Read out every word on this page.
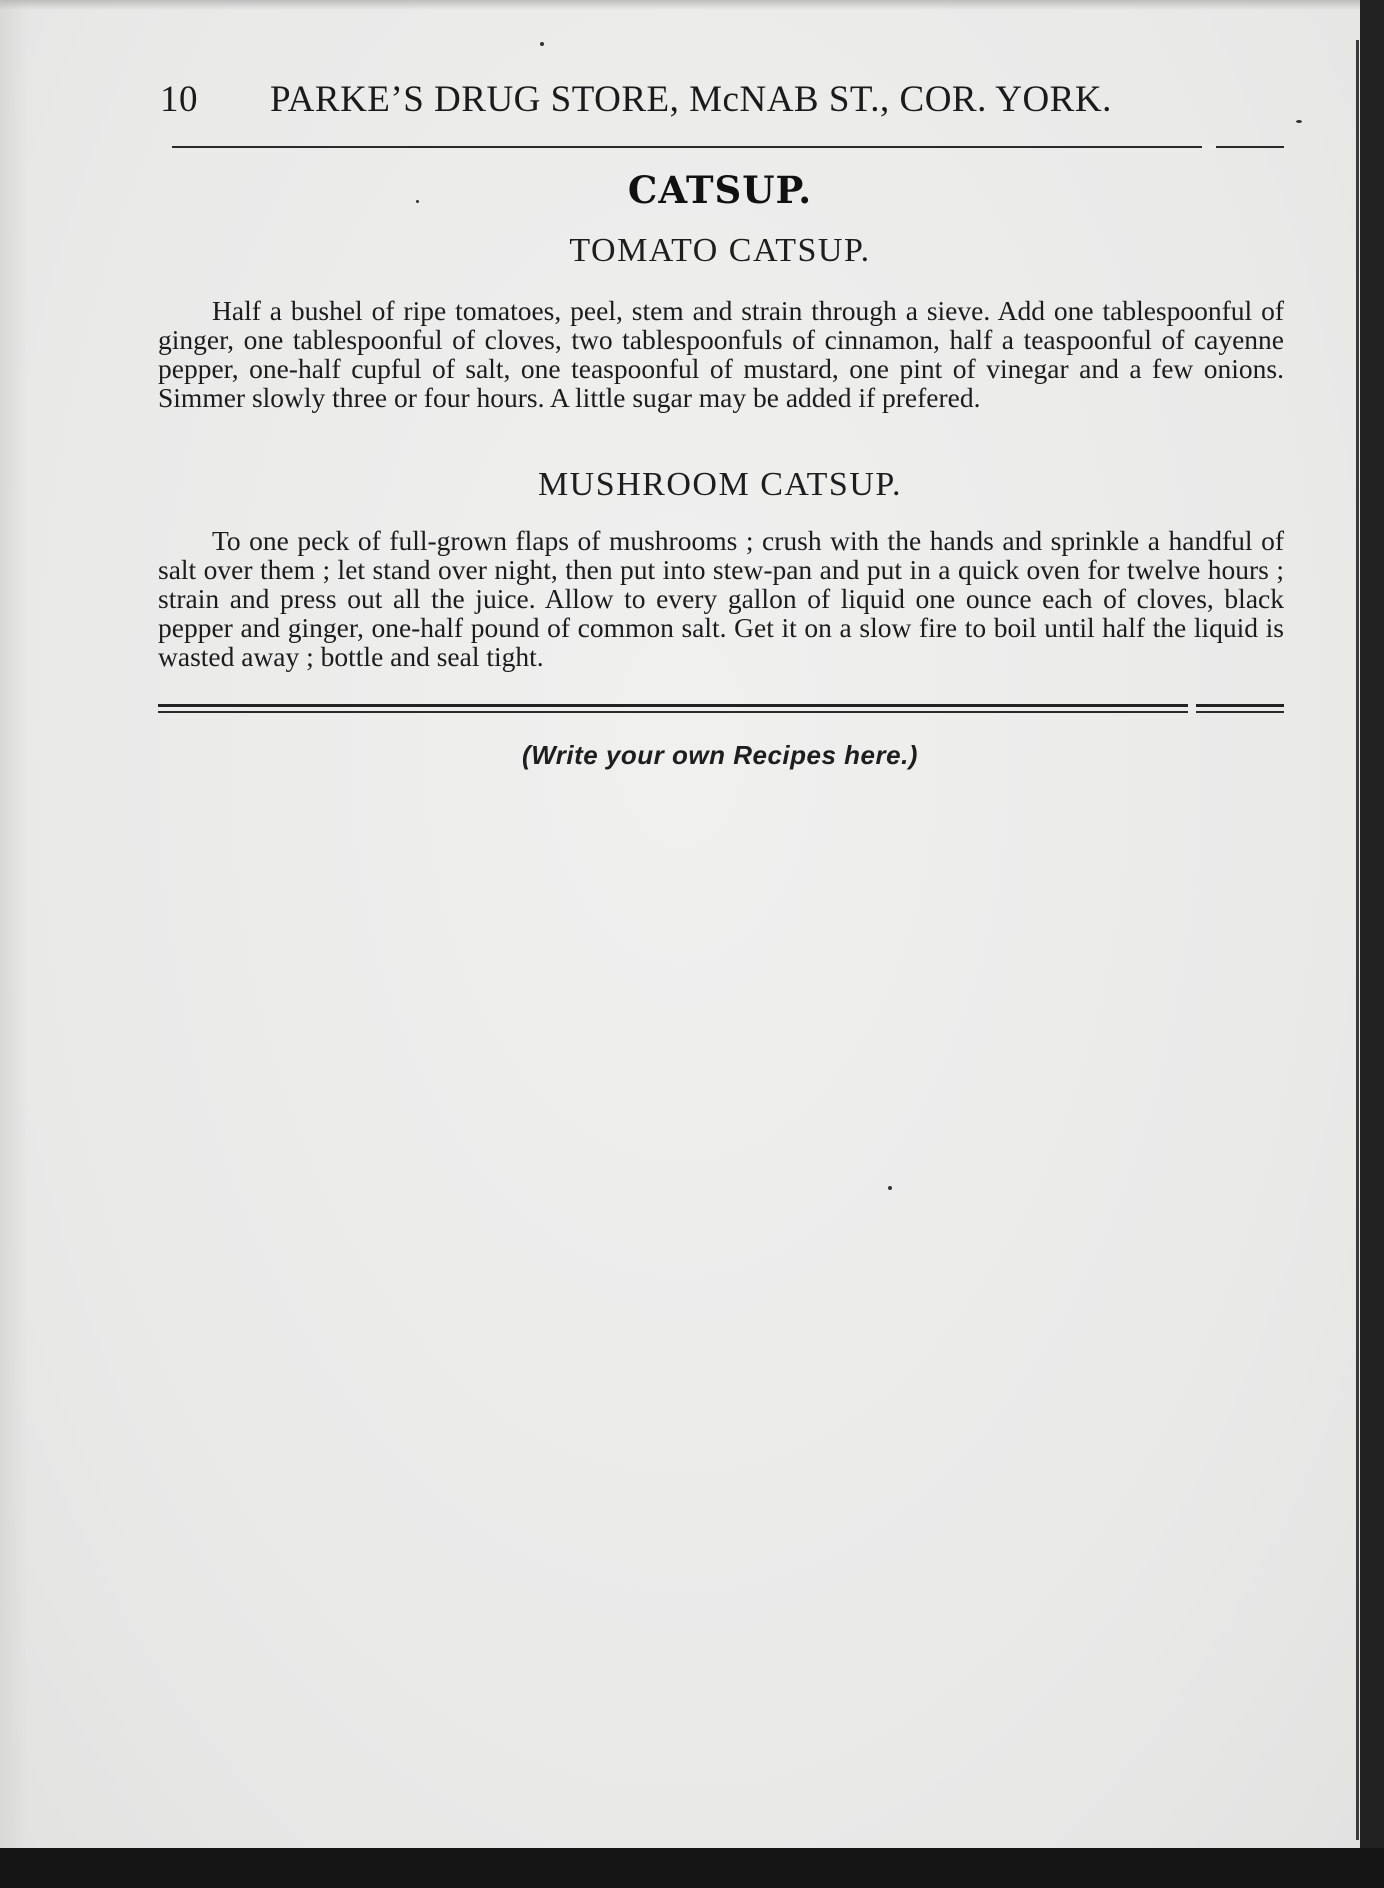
10 PARKE’S DRUG STORE, McNAB ST., COR. YORK.
CATSUP.
TOMATO CATSUP.
Half a bushel of ripe tomatoes, peel, stem and strain through a sieve. Add one tablespoonful of ginger, one tablespoonful of cloves, two tablespoonfuls of cinnamon, half a teaspoonful of cayenne pepper, one-half cupful of salt, one teaspoonful of mustard, one pint of vinegar and a few onions. Simmer slowly three or four hours. A little sugar may be added if prefered.
MUSHROOM CATSUP.
To one peck of full-grown flaps of mushrooms ; crush with the hands and sprinkle a handful of salt over them ; let stand over night, then put into stew-pan and put in a quick oven for twelve hours ; strain and press out all the juice. Allow to every gallon of liquid one ounce each of cloves, black pepper and ginger, one-half pound of common salt. Get it on a slow fire to boil until half the liquid is wasted away ; bottle and seal tight.
(Write your own Recipes here.)
